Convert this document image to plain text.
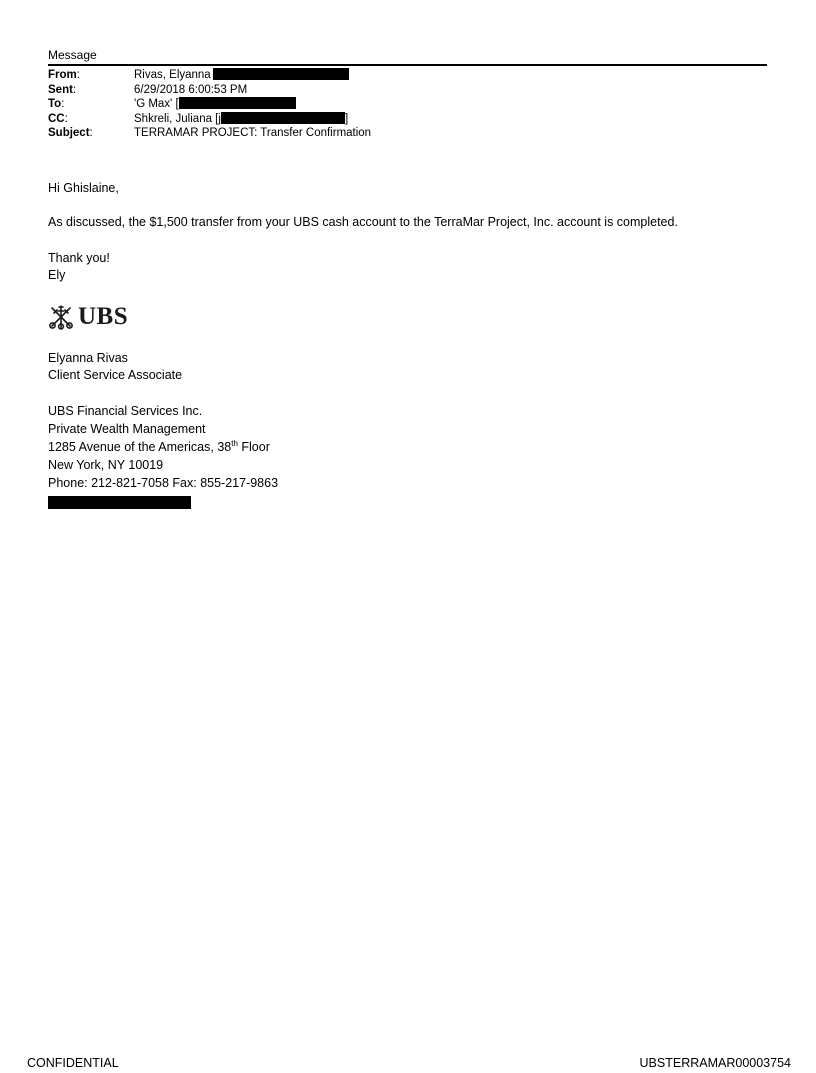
Message
From:	Rivas, Elyanna
Sent:	6/29/2018 6:00:53 PM
To:	'G Max' [
CC:	Shkreli, Juliana [j	]
Subject:	TERRAMAR PROJECT: Transfer Confirmation
Hi Ghislaine,
As discussed, the $1,500 transfer from your UBS cash account to the TerraMar Project, Inc. account is completed.
Thank you!
Ely
UBS
Elyanna Rivas
Client Service Associate
UBS Financial Services Inc.
Private Wealth Management
1285 Avenue of the Americas, 38th Floor
New York, NY 10019
Phone: 212-821-7058 Fax: 855-217-9863
CONFIDENTIAL	UBSTERRAMAR00003754
